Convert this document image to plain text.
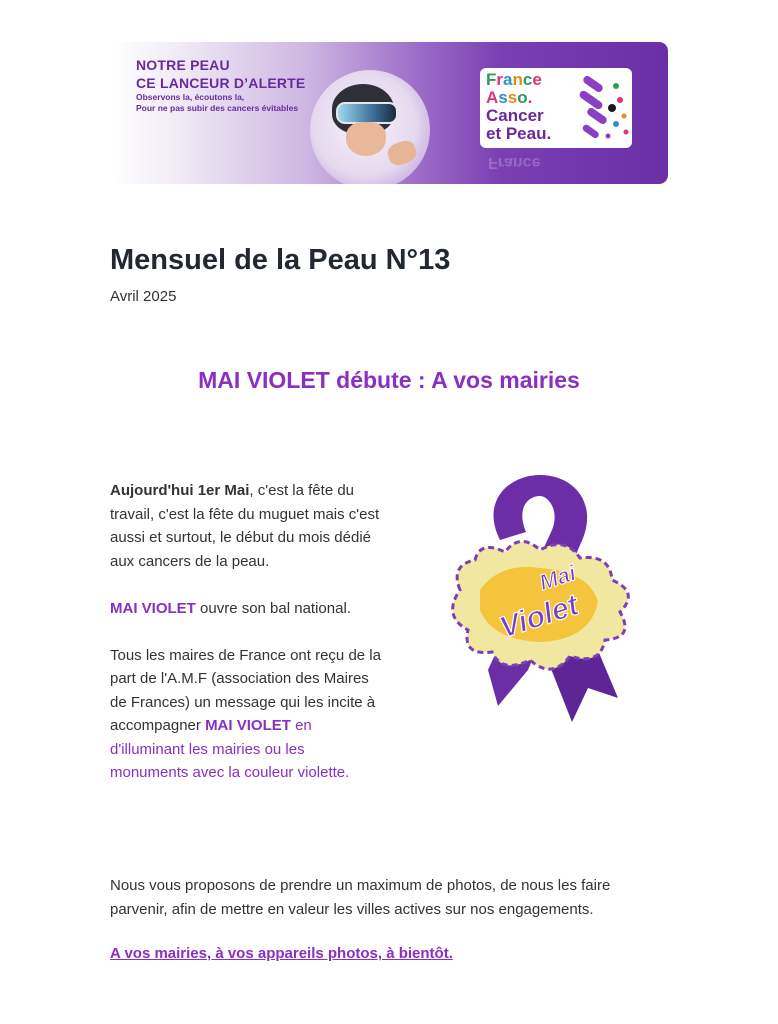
NOTRE PEAU
CE LANCEUR D’ALERTE
Observons la, écoutons la,
Pour ne pas subir des cancers évitables
France
Asso.
Cancer
et Peau.
France
Mensuel de la Peau N°13
Avril 2025
MAI VIOLET débute : A vos mairies

Aujourd'hui 1er Mai, c'est la fête du travail, c'est la fête du muguet mais c'est aussi et surtout, le début du mois dédié aux cancers de la peau.

MAI VIOLET ouvre son bal national.

Tous les maires de France ont reçu de la part de l'A.M.F (association des Maires de Frances) un message qui les incite à accompagner MAI VIOLET en d'illuminant les mairies ou les monuments avec la couleur violette.

Mai
Violet
Nous vous proposons de prendre un maximum de photos, de nous les faire parvenir, afin de mettre en valeur les villes actives sur nos engagements.
A vos mairies, à vos appareils photos, à bientôt.
